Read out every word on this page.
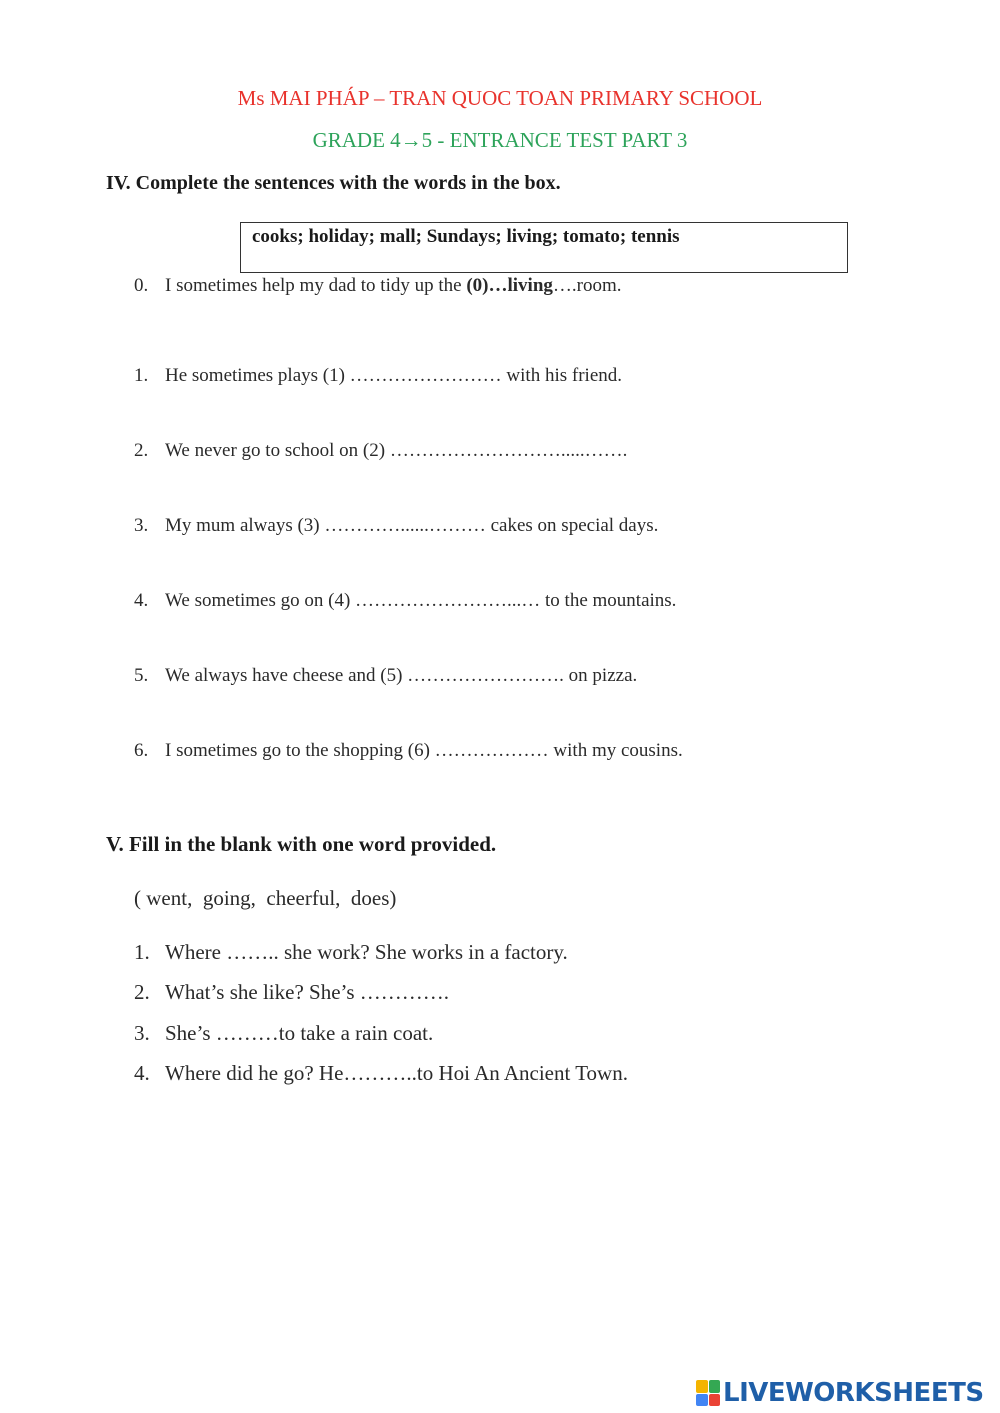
Ms MAI PHÁP – TRAN QUOC TOAN PRIMARY SCHOOL
GRADE 4→5 - ENTRANCE TEST PART 3
IV. Complete the sentences with the words in the box.
cooks; holiday; mall; Sundays; living; tomato; tennis
0. I sometimes help my dad to tidy up the (0)…living….room.
1. He sometimes plays (1) …………………… with his friend.
2. We never go to school on (2) ……………………….....…….
3. My mum always (3) …………......……… cakes on special days.
4. We sometimes go on (4) ……………………...… to the mountains.
5. We always have cheese and (5) ……………………. on pizza.
6. I sometimes go to the shopping (6) ……………… with my cousins.
V. Fill in the blank with one word provided.
( went,  going,  cheerful,  does)
1. Where …….. she work? She works in a factory.
2. What’s she like? She’s ………….
3. She’s ………to take a rain coat.
4. Where did he go? He………..to Hoi An Ancient Town.
LIVEWORKSHEETS
